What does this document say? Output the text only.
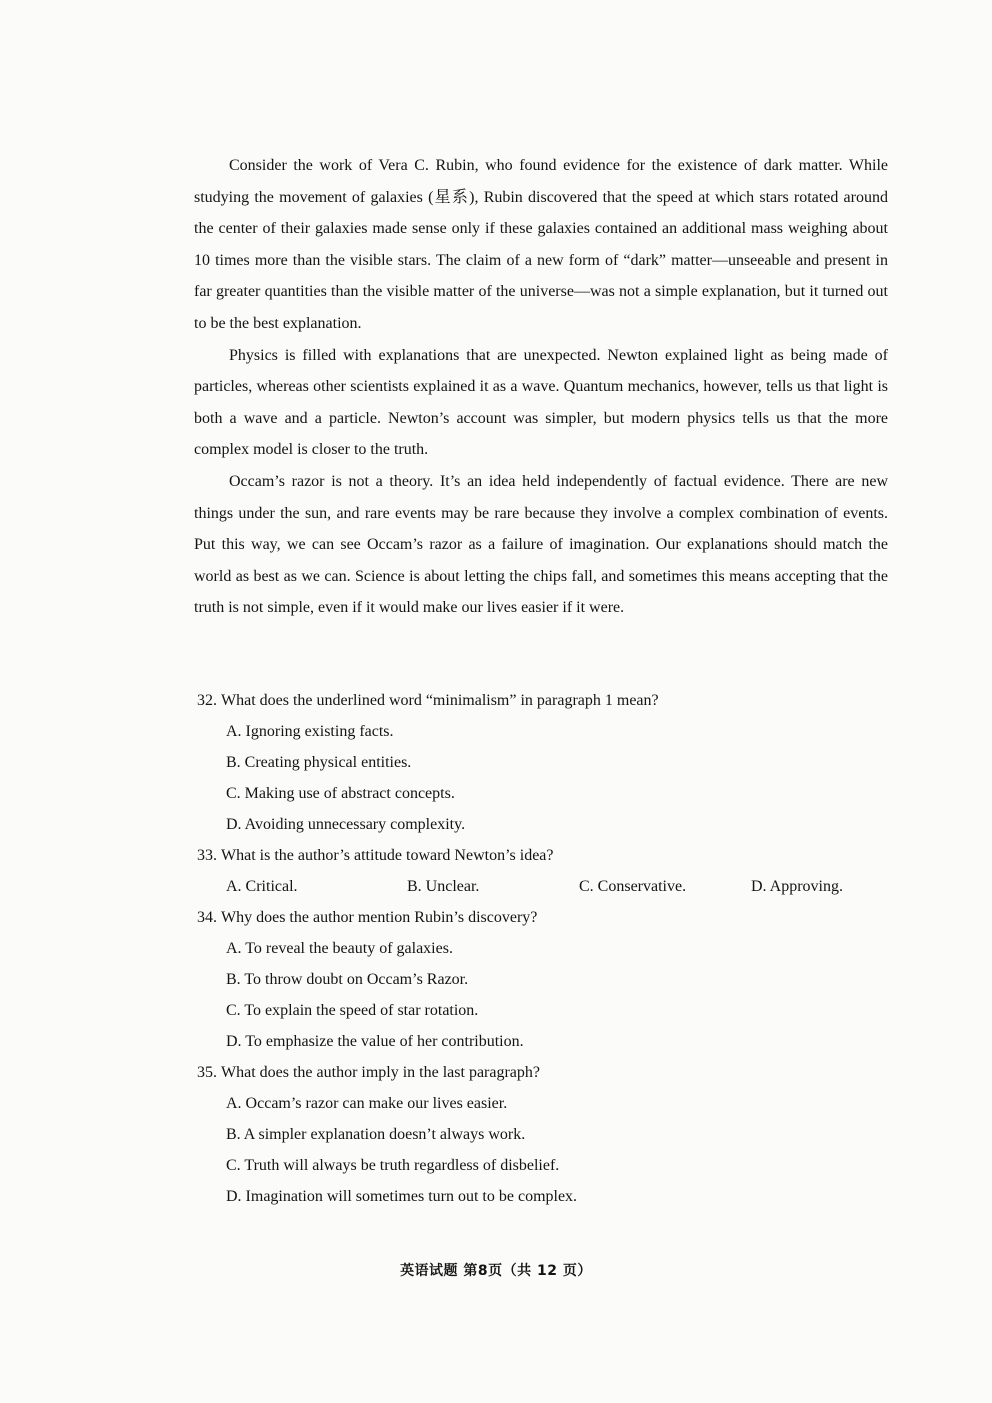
Consider the work of Vera C. Rubin, who found evidence for the existence of dark matter. While studying the movement of galaxies (星系), Rubin discovered that the speed at which stars rotated around the center of their galaxies made sense only if these galaxies contained an additional mass weighing about 10 times more than the visible stars. The claim of a new form of “dark” matter—unseeable and present in far greater quantities than the visible matter of the universe—was not a simple explanation, but it turned out to be the best explanation.

Physics is filled with explanations that are unexpected. Newton explained light as being made of particles, whereas other scientists explained it as a wave. Quantum mechanics, however, tells us that light is both a wave and a particle. Newton’s account was simpler, but modern physics tells us that the more complex model is closer to the truth.

Occam’s razor is not a theory. It’s an idea held independently of factual evidence. There are new things under the sun, and rare events may be rare because they involve a complex combination of events. Put this way, we can see Occam’s razor as a failure of imagination. Our explanations should match the world as best as we can. Science is about letting the chips fall, and sometimes this means accepting that the truth is not simple, even if it would make our lives easier if it were.

32. What does the underlined word “minimalism” in paragraph 1 mean?

A. Ignoring existing facts.

B. Creating physical entities.

C. Making use of abstract concepts.

D. Avoiding unnecessary complexity.

33. What is the author’s attitude toward Newton’s idea?

A. Critical.	B. Unclear.	C. Conservative.	D. Approving.

34. Why does the author mention Rubin’s discovery?

A. To reveal the beauty of galaxies.

B. To throw doubt on Occam’s Razor.

C. To explain the speed of star rotation.

D. To emphasize the value of her contribution.

35. What does the author imply in the last paragraph?

A. Occam’s razor can make our lives easier.

B. A simpler explanation doesn’t always work.

C. Truth will always be truth regardless of disbelief.

D. Imagination will sometimes turn out to be complex.

英语试题 第8页（共 12 页）
